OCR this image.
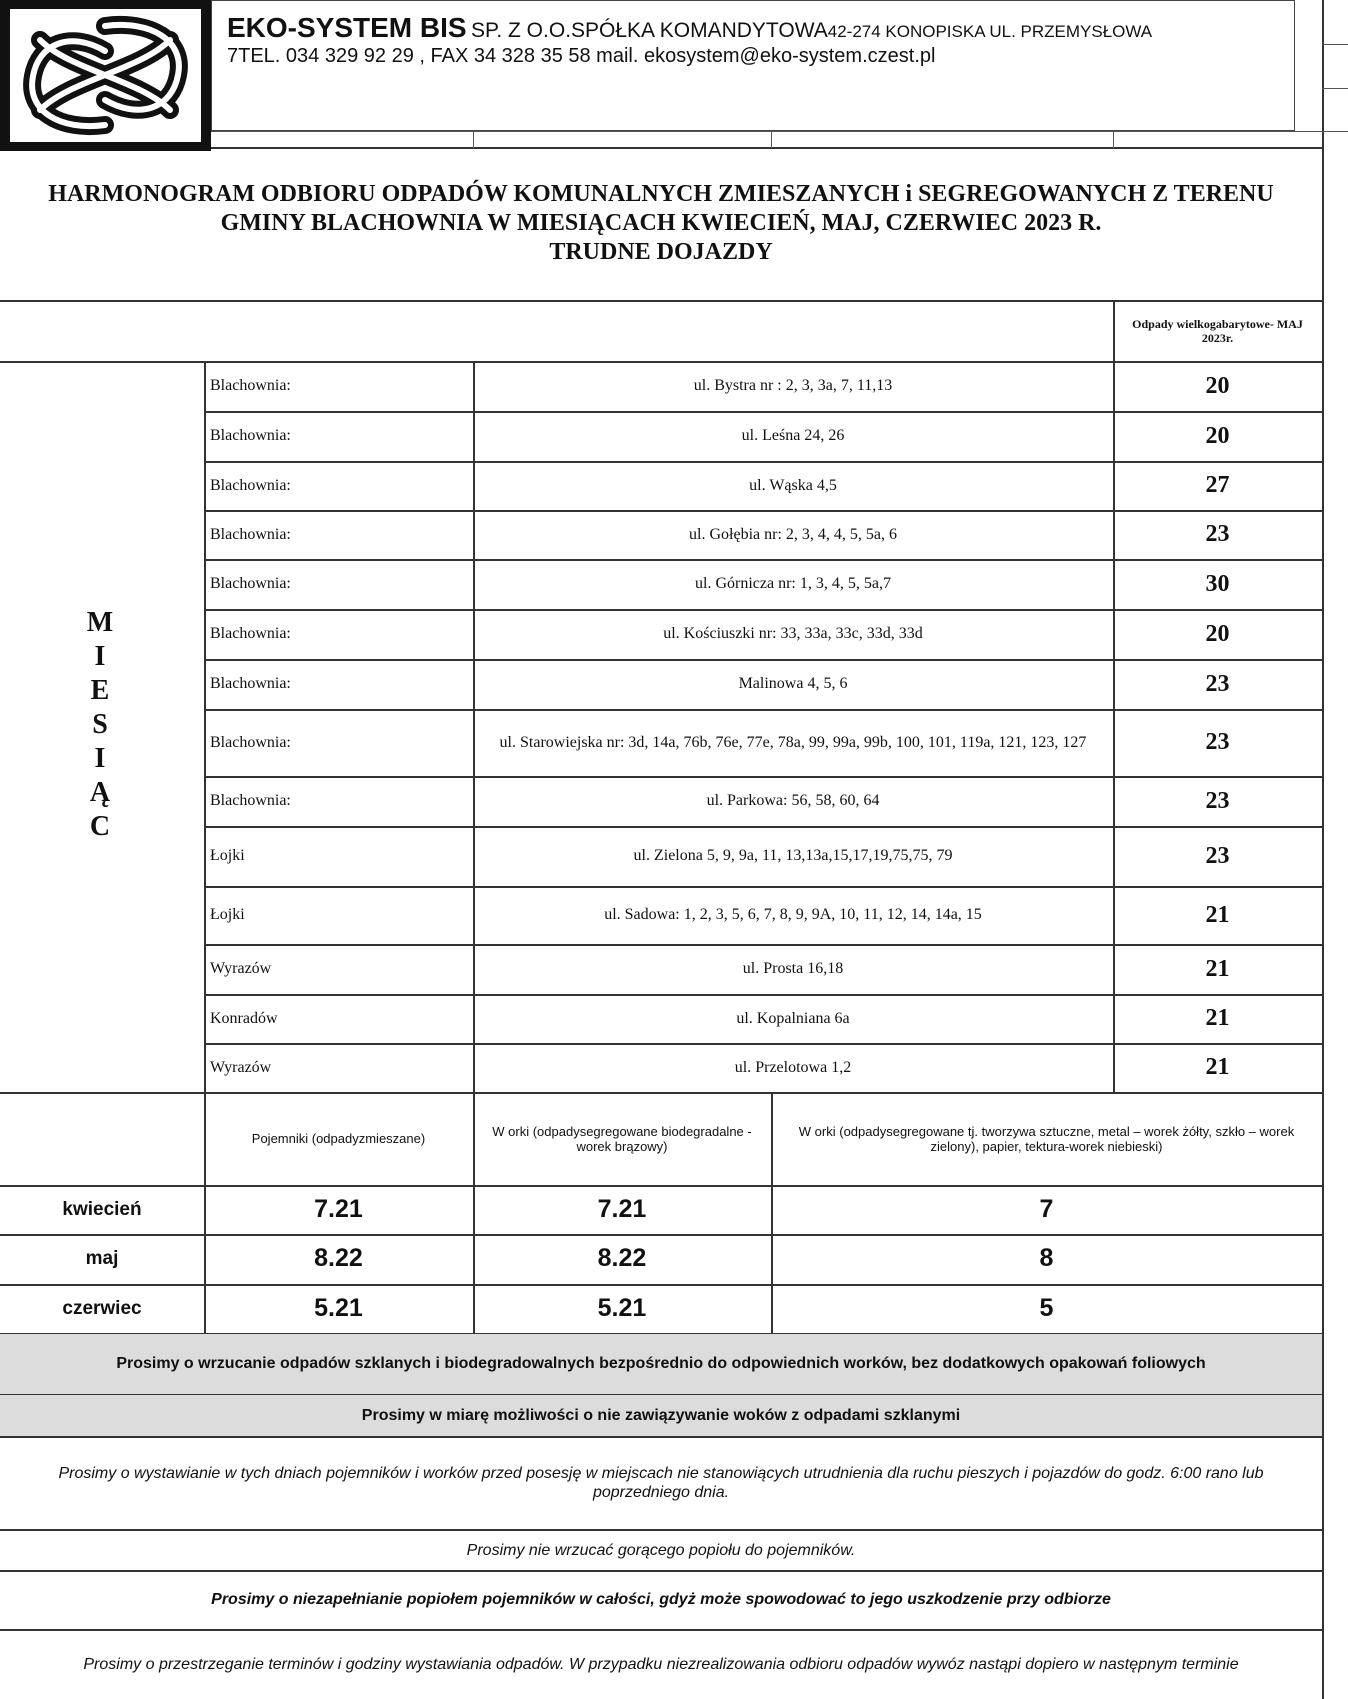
EKO-SYSTEM BIS SP. Z O.O.SPÓŁKA KOMANDYTOWA42-274 KONOPISKA UL. PRZEMYSŁOWA
7TEL. 034 329 92 29 , FAX 34 328 35 58 mail. ekosystem@eko-system.czest.pl
HARMONOGRAM ODBIORU ODPADÓW KOMUNALNYCH ZMIESZANYCH i SEGREGOWANYCH Z TERENU
GMINY BLACHOWNIA W MIESIĄCACH KWIECIEŃ, MAJ, CZERWIEC 2023 R.
TRUDNE DOJAZDY
Odpady wielkogabarytowe- MAJ 2023r.
M
I
E
S
I
Ą
C
Blachownia:	ul. Bystra nr : 2, 3, 3a, 7, 11,13	20
Blachownia:	ul. Leśna 24, 26	20
Blachownia:	ul. Wąska 4,5	27
Blachownia:	ul. Gołębia nr: 2, 3, 4, 4, 5, 5a, 6	23
Blachownia:	ul. Górnicza nr: 1, 3, 4, 5, 5a,7	30
Blachownia:	ul. Kościuszki nr: 33, 33a, 33c, 33d, 33d	20
Blachownia:	Malinowa 4, 5, 6	23
Blachownia:	ul. Starowiejska nr: 3d, 14a, 76b, 76e, 77e, 78a, 99, 99a, 99b, 100, 101, 119a, 121, 123, 127	23
Blachownia:	ul. Parkowa: 56, 58, 60, 64	23
Łojki	ul. Zielona 5, 9, 9a, 11, 13,13a,15,17,19,75,75, 79	23
Łojki	ul. Sadowa: 1, 2, 3, 5, 6, 7, 8, 9, 9A, 10, 11, 12, 14, 14a, 15	21
Wyrazów	ul. Prosta 16,18	21
Konradów	ul. Kopalniana 6a	21
Wyrazów	ul. Przelotowa 1,2	21
Pojemniki (odpadyzmieszane)	W orki (odpadysegregowane biodegradalne - worek brązowy)
W orki (odpadysegregowane tj. tworzywa sztuczne, metal – worek żółty, szkło – worek zielony), papier, tektura-worek niebieski)
kwiecień	7.21	7.21	7
maj	8.22	8.22	8
czerwiec	5.21	5.21	5
Prosimy o wrzucanie odpadów szklanych i biodegradowalnych bezpośrednio do odpowiednich worków, bez dodatkowych opakowań foliowych
Prosimy w miarę możliwości o nie zawiązywanie woków z odpadami szklanymi
Prosimy o wystawianie w tych dniach pojemników i worków przed posesję w miejscach nie stanowiących utrudnienia dla ruchu pieszych i pojazdów do godz. 6:00 rano lub poprzedniego dnia.
Prosimy nie wrzucać gorącego popiołu do pojemników.
Prosimy o niezapełnianie popiołem pojemników w całości, gdyż może spowodować to jego uszkodzenie przy odbiorze
Prosimy o przestrzeganie terminów i godziny wystawiania odpadów. W przypadku niezrealizowania odbioru odpadów wywóz nastąpi dopiero w następnym terminie
